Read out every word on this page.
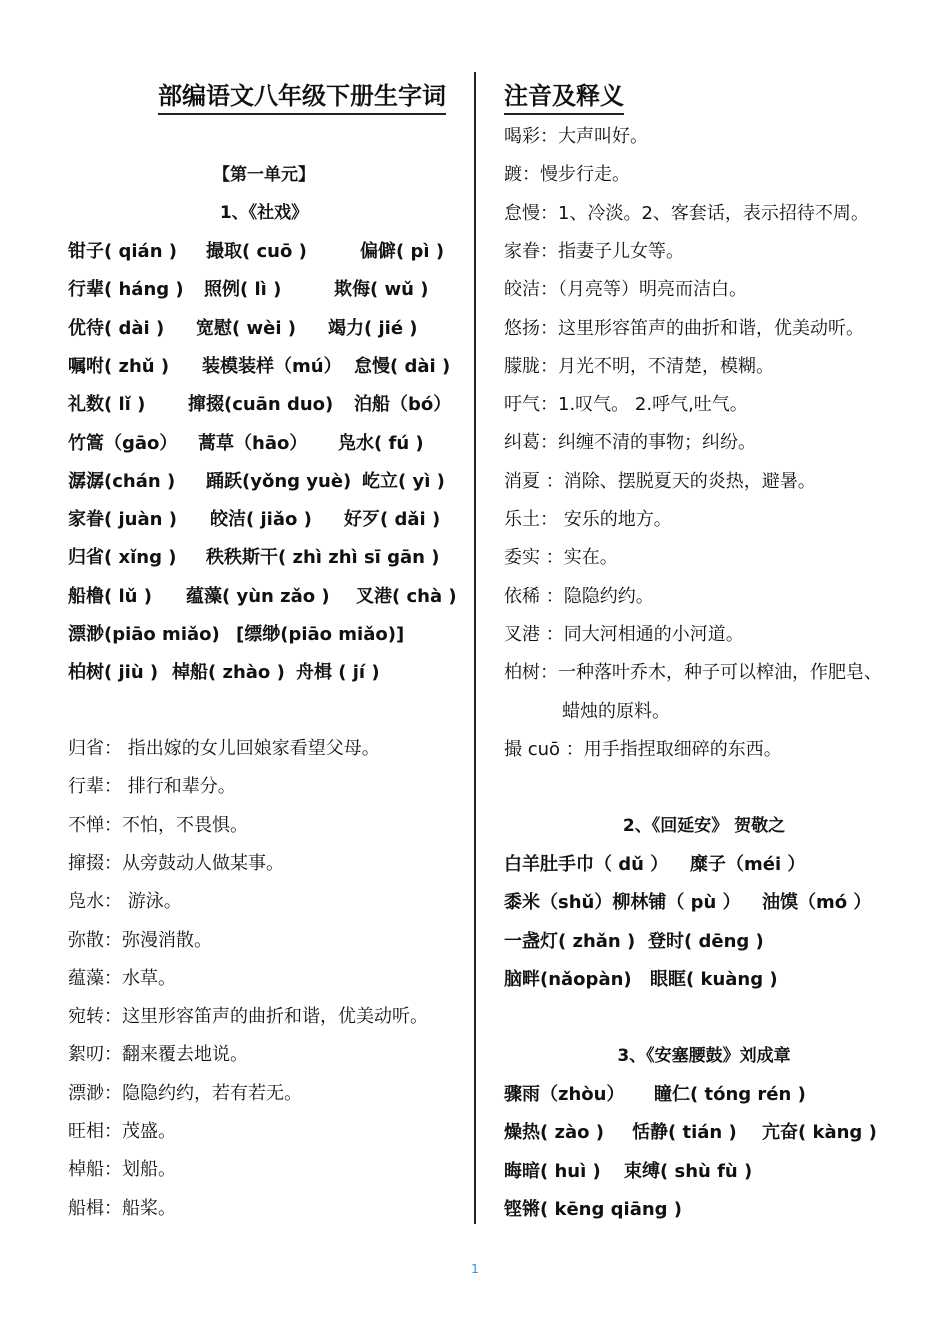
部编语文八年级下册生字词 注音及释义
【第一单元】
1、《社戏》
钳子( qián ) 撮取( cuō )	偏僻( pì )
行辈( háng ) 照例( lì )	欺侮( wǔ )
优待( dài ) 宽慰( wèi ) 竭力( jié )
嘱咐( zhǔ ) 装模装样（mú） 怠慢( dài )
礼数( lǐ ) 撺掇(cuān duo) 泊船（bó）
竹篙（gāo） 蒿草（hāo） 凫水( fú )
潺潺(chán ) 踊跃(yǒng yuè) 屹立( yì )
家眷( juàn ) 皎洁( jiǎo ) 好歹( dǎi )
归省( xǐng ) 秩秩斯干( zhì zhì sī gān )
船橹( lǔ ) 蕴藻( yùn zǎo ) 叉港( chà )
漂渺(piāo miǎo) [缥缈(piāo miǎo)]
柏树( jiù ) 棹船( zhào ) 舟楫 ( jí )
归省： 指出嫁的女儿回娘家看望父母。
行辈： 排行和辈分。
不惮：不怕，不畏惧。
撺掇：从旁鼓动人做某事。
凫水： 游泳。
弥散：弥漫消散。
蕴藻：水草。
宛转：这里形容笛声的曲折和谐，优美动听。
絮叨：翻来覆去地说。
漂渺：隐隐约约，若有若无。
旺相：茂盛。
棹船：划船。
船楫：船桨。
喝彩：大声叫好。
踱：慢步行走。
怠慢：1、冷淡。2、客套话，表示招待不周。
家眷：指妻子儿女等。
皎洁：（月亮等）明亮而洁白。
悠扬：这里形容笛声的曲折和谐，优美动听。
朦胧：月光不明，不清楚，模糊。
吁气：1.叹气。 2.呼气,吐气。
纠葛：纠缠不清的事物；纠纷。
消夏 ：消除、摆脱夏天的炎热，避暑。
乐土： 安乐的地方。
委实 ：实在。
依稀 ：隐隐约约。
叉港 ：同大河相通的小河道。
柏树：一种落叶乔木，种子可以榨油，作肥皂、
蜡烛的原料。
撮 cuō ：用手指捏取细碎的东西。
2、《回延安》 贺敬之
白羊肚手巾（ dǔ ） 糜子（méi ）
黍米（shǔ）柳林铺（ pù ） 油馍（mó ）
一盏灯( zhǎn ) 登时( dēng )
脑畔(nǎopàn) 眼眶( kuàng )
3、《安塞腰鼓》刘成章
骤雨（zhòu） 瞳仁( tóng rén )
燥热( zào ) 恬静( tián ) 亢奋( kàng )
晦暗( huì ) 束缚( shù fù )
铿锵( kēng qiāng )
1
